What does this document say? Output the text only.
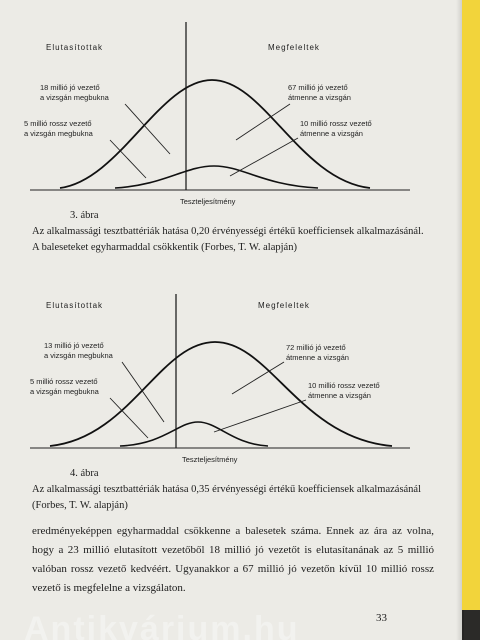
Elutasítottak	Megfeleltek
18 millió jó vezető
a vizsgán megbukna
5 millió rossz vezető
a vizsgán megbukna
67 millió jó vezető
átmenne a vizsgán
10 millió rossz vezető
átmenne a vizsgán
Teszteljesítmény
3. ábra
Az alkalmassági tesztbattériák hatása 0,20 érvényességi értékű koefficiensek alkalmazásánál. A baleseteket egyharmaddal csökkentik (Forbes, T. W. alapján)
Elutasítottak	Megfeleltek
13 millió jó vezető
a vizsgán megbukna
5 millió rossz vezető
a vizsgán megbukna
72 millió jó vezető
átmenne a vizsgán
10 millió rossz vezető
átmenne a vizsgán
Teszteljesítmény
4. ábra
Az alkalmassági tesztbattériák hatása 0,35 érvényességi értékű koefficiensek alkalmazásánál (Forbes, T. W. alapján)
eredményeképpen egyharmaddal csökkenne a balesetek száma. Ennek az ára az volna, hogy a 23 millió elutasított vezetőből 18 millió jó vezetőt is elutasítanának az 5 millió valóban rossz vezető kedvéért. Ugyanakkor a 67 millió jó vezetőn kívül 10 millió rossz vezető is megfelelne a vizsgálaton.
33
Antikvárium.hu
